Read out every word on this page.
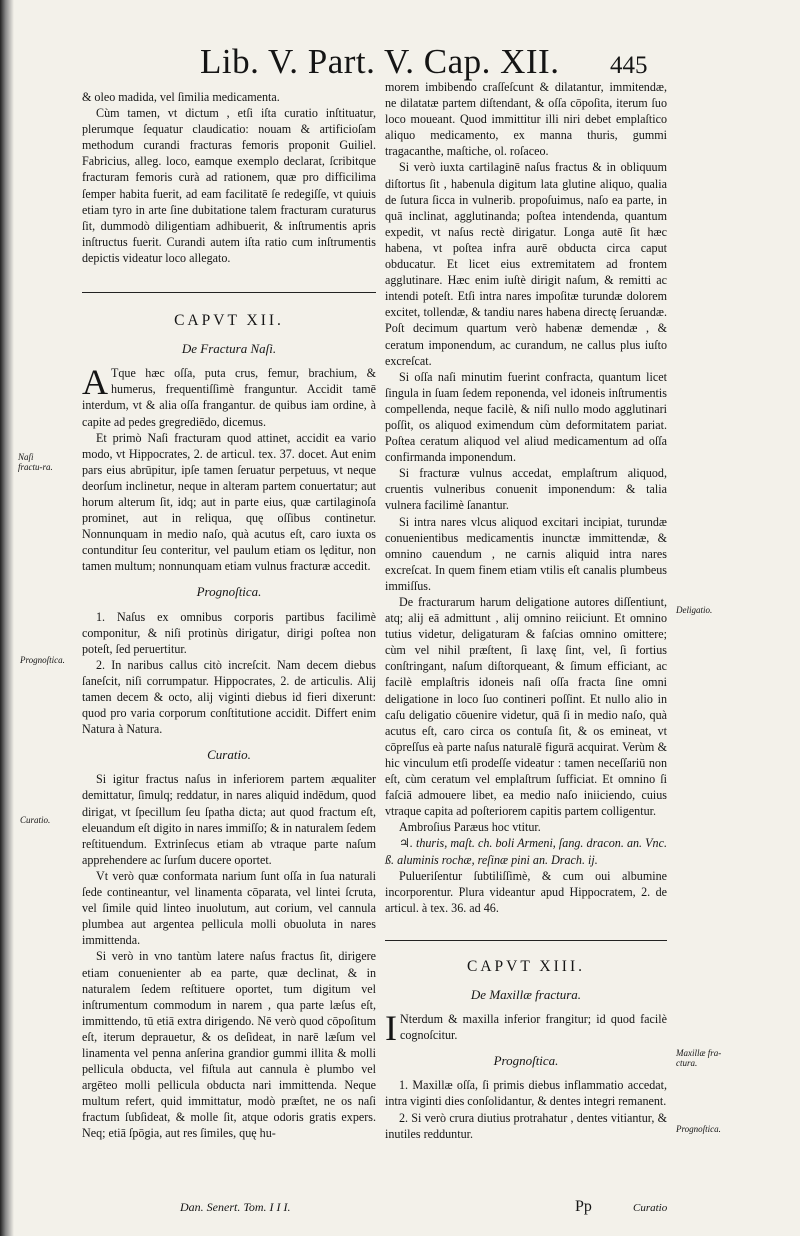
Lib. V. Part. V. Cap. XII. 445

& oleo madida, vel ſimilia medicamenta.

Cùm tamen, vt dictum , etſi iſta curatio inſtituatur, plerumque ſequatur claudicatio: nouam & artificioſam methodum curandi fracturas femoris proponit Guiliel. Fabricius, alleg. loco, eamque exemplo declarat, ſcribitque fracturam femoris curà ad rationem, quæ pro difficilima ſemper habita fuerit, ad eam facilitatē ſe redegiſſe, vt quiuis etiam tyro in arte ſine dubitatione talem fracturam curaturus ſit, dummodò diligentiam adhibuerit, & inſtrumentis apris inſtructus fuerit. Curandi autem iſta ratio cum inſtrumentis depictis videatur loco allegato.

CAPVT XII.
De Fractura Naſi.

A Tque hæc oſſa, puta crus, femur, brachium, & humerus, frequentiſſimè franguntur. Accidit tamē interdum, vt & alia oſſa frangantur. de quibus iam ordine, à capite ad pedes gregrediēdo, dicemus.

Et primò Naſi fracturam quod attinet, accidit ea vario modo, vt Hippocrates, 2. de articul. tex. 37. docet. Aut enim pars eius abrūpitur, ipſe tamen ſeruatur perpetuus, vt neque deorſum inclinetur, neque in alteram partem conuertatur; aut horum alterum ſit, idq; aut in parte eius, quæ cartilaginoſa prominet, aut in reliqua, quę oſſibus continetur. Nonnunquam in medio naſo, quà acutus eſt, caro iuxta os contunditur ſeu conteritur, vel paulum etiam os lęditur, non tamen multum; nonnunquam etiam vulnus fracturæ accedit.

Prognoſtica.

1. Naſus ex omnibus corporis partibus facilimè componitur, & niſi protinùs dirigatur, dirigi poſtea non poteſt, ſed peruertitur.

2. In naribus callus citò increſcit. Nam decem diebus ſaneſcit, niſi corrumpatur. Hippocrates, 2. de articulis. Alij tamen decem & octo, alij viginti diebus id fieri dixerunt: quod pro varia corporum conſtitutione accidit. Differt enim Natura à Natura.

Curatio.

Si igitur fractus naſus in inferiorem partem æqualiter demittatur, ſimulq; reddatur, in nares aliquid indēdum, quod dirigat, vt ſpecillum ſeu ſpatha dicta; aut quod fractum eſt, eleuandum eſt digito in nares immiſſo; & in naturalem ſedem reſtituendum. Extrinſecus etiam ab vtraque parte naſum apprehendere ac ſurſum ducere oportet.

Vt verò quæ conformata narium ſunt oſſa in ſua naturali ſede contineantur, vel linamenta cōparata, vel lintei ſcruta, vel ſimile quid linteo inuolutum, aut corium, vel cannula plumbea aut argentea pellicula molli obuoluta in nares immittenda.

Si verò in vno tantùm latere naſus fractus ſit, dirigere etiam conuenienter ab ea parte, quæ declinat, & in naturalem ſedem reſtituere oportet, tum digitum vel inſtrumentum commodum in narem , qua parte læſus eſt, immittendo, tū etiā extra dirigendo. Nē verò quod cōpoſitum eſt, iterum deprauetur, & os deſideat, in narē læſum vel linamenta vel penna anſerina grandior gummi illita & molli pellicula obducta, vel fiſtula aut cannula è plumbo vel argēteo molli pellicula obducta nari immittenda. Neque multum refert, quid immittatur, modò præſtet, ne os naſi fractum ſubſideat, & molle ſit, atque odoris gratis expers. Neq; etiā ſpōgia, aut res ſimiles, quę hu-

morem imbibendo craſſeſcunt & dilatantur, immitendæ, ne dilatatæ partem diſtendant, & oſſa cōpoſita, iterum ſuo loco moueant. Quod immittitur illi niri debet emplaſtico aliquo medicamento, ex manna thuris, gummi tragacanthe, maſtiche, ol. roſaceo.

Si verò iuxta cartilaginē naſus fractus & in obliquum diſtortus ſit , habenula digitum lata glutine aliquo, qualia de ſutura ſicca in vulnerib. propoſuimus, naſo ea parte, in quā inclinat, agglutinanda; poſtea intendenda, quantum expedit, vt naſus rectè dirigatur. Longa autē ſit hæc habena, vt poſtea infra aurē obducta circa caput obducatur. Et licet eius extremitatem ad frontem agglutinare. Hæc enim iuſtè dirigit naſum, & remitti ac intendi poteſt. Etſi intra nares impoſitæ turundæ dolorem excitet, tollendæ, & tandiu nares habena directę ſeruandæ. Poſt decimum quartum verò habenæ demendæ , & ceratum imponendum, ac curandum, ne callus plus iuſto excreſcat.

Si oſſa naſi minutim fuerint confracta, quantum licet ſingula in ſuam ſedem reponenda, vel idoneis inſtrumentis compellenda, neque facilè, & niſi nullo modo agglutinari poſſit, os aliquod eximendum cùm deformitatem pariat. Poſtea ceratum aliquod vel aliud medicamentum ad oſſa confirmanda imponendum.

Si fracturæ vulnus accedat, emplaſtrum aliquod, cruentis vulneribus conuenit imponendum: & talia vulnera facilimè ſanantur.

Si intra nares vlcus aliquod excitari incipiat, turundæ conuenientibus medicamentis inunctæ immittendæ, & omnino cauendum , ne carnis aliquid intra nares excreſcat. In quem finem etiam vtilis eſt canalis plumbeus immiſſus.

De fracturarum harum deligatione autores diſſentiunt, atq; alij eā admittunt , alij omnino reiiciunt. Et omnino tutius videtur, deligaturam & faſcias omnino omittere; cùm vel nihil præſtent, ſi laxę ſint, vel, ſi fortius conſtringant, naſum diſtorqueant, & ſimum efficiant, ac facilè emplaſtris idoneis naſi oſſa fracta ſine omni deligatione in loco ſuo contineri poſſint. Et nullo alio in caſu deligatio cōuenire videtur, quā ſi in medio naſo, quà acutus eſt, caro circa os contuſa ſit, & os emineat, vt cōpreſſus eà parte naſus naturalē figurā acquirat. Verùm & hic vinculum etſi prodeſſe videatur : tamen neceſſariū non eſt, cùm ceratum vel emplaſtrum ſufficiat. Et omnino ſi faſciā admouere libet, ea medio naſo iniiciendo, cuius vtraque capita ad poſteriorem capitis partem colligentur.

Ambroſius Paræus hoc vtitur.

♃. thuris, maſt. ch. boli Armeni, ſang. dracon. an. Vnc. ß. aluminis rochæ, reſinæ pini an. Drach. ij.

Pulueriſentur ſubtiliſſimè, & cum oui albumine incorporentur. Plura videantur apud Hippocratem, 2. de articul. à tex. 36. ad 46.

CAPVT XIII.
De Maxillæ fractura.

I Nterdum & maxilla inferior frangitur; id quod facilè cognoſcitur.

Prognoſtica.

1. Maxillæ oſſa, ſi primis diebus inflammatio accedat, intra viginti dies conſolidantur, & dentes integri remanent.

2. Si verò crura diutius protrahatur , dentes vitiantur, & inutiles redduntur.

Naſi fractu-ra.
Prognoſtica.
Curatio.
Deligatio.
Maxillæ fra-ctura.
Prognoſtica.
Dan. Senert. Tom. I I I.	Pp	Curatio
